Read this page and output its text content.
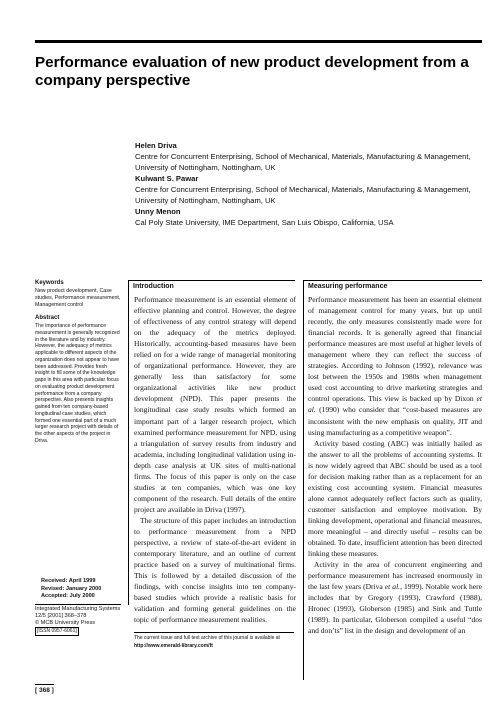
Performance evaluation of new product development from a company perspective
Helen Driva
Centre for Concurrent Enterprising, School of Mechanical, Materials, Manufacturing & Management, University of Nottingham, Nottingham, UK
Kulwant S. Pawar
Centre for Concurrent Enterprising, School of Mechanical, Materials, Manufacturing & Management, University of Nottingham, Nottingham, UK
Unny Menon
Cal Poly State University, IME Department, San Luis Obispo, California, USA
Keywords
New product development, Case studies, Performance measurement, Management control
Abstract
The importance of performance measurement is generally recognized in the literature and by industry. However, the adequacy of metrics applicable to different aspects of the organization does not appear to have been addressed. Provides fresh insight to fill some of the knowledge gaps in this area with particular focus on evaluating product development performance from a company perspective. Also presents insights gained from ten company-based longitudinal case studies, which formed one essential part of a much larger research project with details of the other aspects of the project in Driva.
Received: April 1999
Revised: January 2000
Accepted: July 2000
Integrated Manufacturing Systems
12/5 [2001] 368–378
© MCB University Press
[ISSN 0957-6061]
[ 368 ]
Introduction

Performance measurement is an essential element of effective planning and control. However, the degree of effectiveness of any control strategy will depend on the adequacy of the metrics deployed. Historically, accounting-based measures have been relied on for a wide range of managerial monitoring of organizational performance. However, they are generally less than satisfactory for some organizational activities like new product development (NPD). This paper presents the longitudinal case study results which formed an important part of a larger research project, which examined performance measurement for NPD, using a triangulation of survey results from industry and academia, including longitudinal validation using in-depth case analysis at UK sites of multi-national firms. The focus of this paper is only on the case studies at ten companies, which was one key component of the research. Full details of the entire project are available in Driva (1997).

The structure of this paper includes an introduction to performance measurement from a NPD perspective, a review of state-of-the-art evident in contemporary literature, and an outline of current practice based on a survey of multinational firms. This is followed by a detailed discussion of the findings, with concise insights into ten company-based studies which provide a realistic basis for validation and forming general guidelines on the topic of performance measurement realities.

The current issue and full text archive of this journal is available at
http://www.emerald-library.com/ft
Measuring performance

Performance measurement has been an essential element of management control for many years, but up until recently, the only measures consistently made were for financial records. It is generally agreed that financial performance measures are most useful at higher levels of management where they can reflect the success of strategies. According to Johnson (1992), relevance was lost between the 1950s and 1980s when management used cost accounting to drive marketing strategies and control operations. This view is backed up by Dixon et al. (1990) who consider that “cost-based measures are inconsistent with the new emphasis on quality, JIT and using manufacturing as a competitive weapon”.

Activity based costing (ABC) was initially hailed as the answer to all the problems of accounting systems. It is now widely agreed that ABC should be used as a tool for decision making rather than as a replacement for an existing cost accounting system. Financial measures alone cannot adequately reflect factors such as quality, customer satisfaction and employee motivation. By linking development, operational and financial measures, more meaningful – and directly useful – results can be obtained. To date, insufficient attention has been directed linking these measures.

Activity in the area of concurrent engineering and performance measurement has increased enormously in the last few years (Driva et al., 1999). Notable work here includes that by Gregory (1993), Crawford (1988), Hronec (1993), Globerson (1985) and Sink and Tuttle (1989). In particular, Globerson compiled a useful “dos and don’ts” list in the design and development of an
